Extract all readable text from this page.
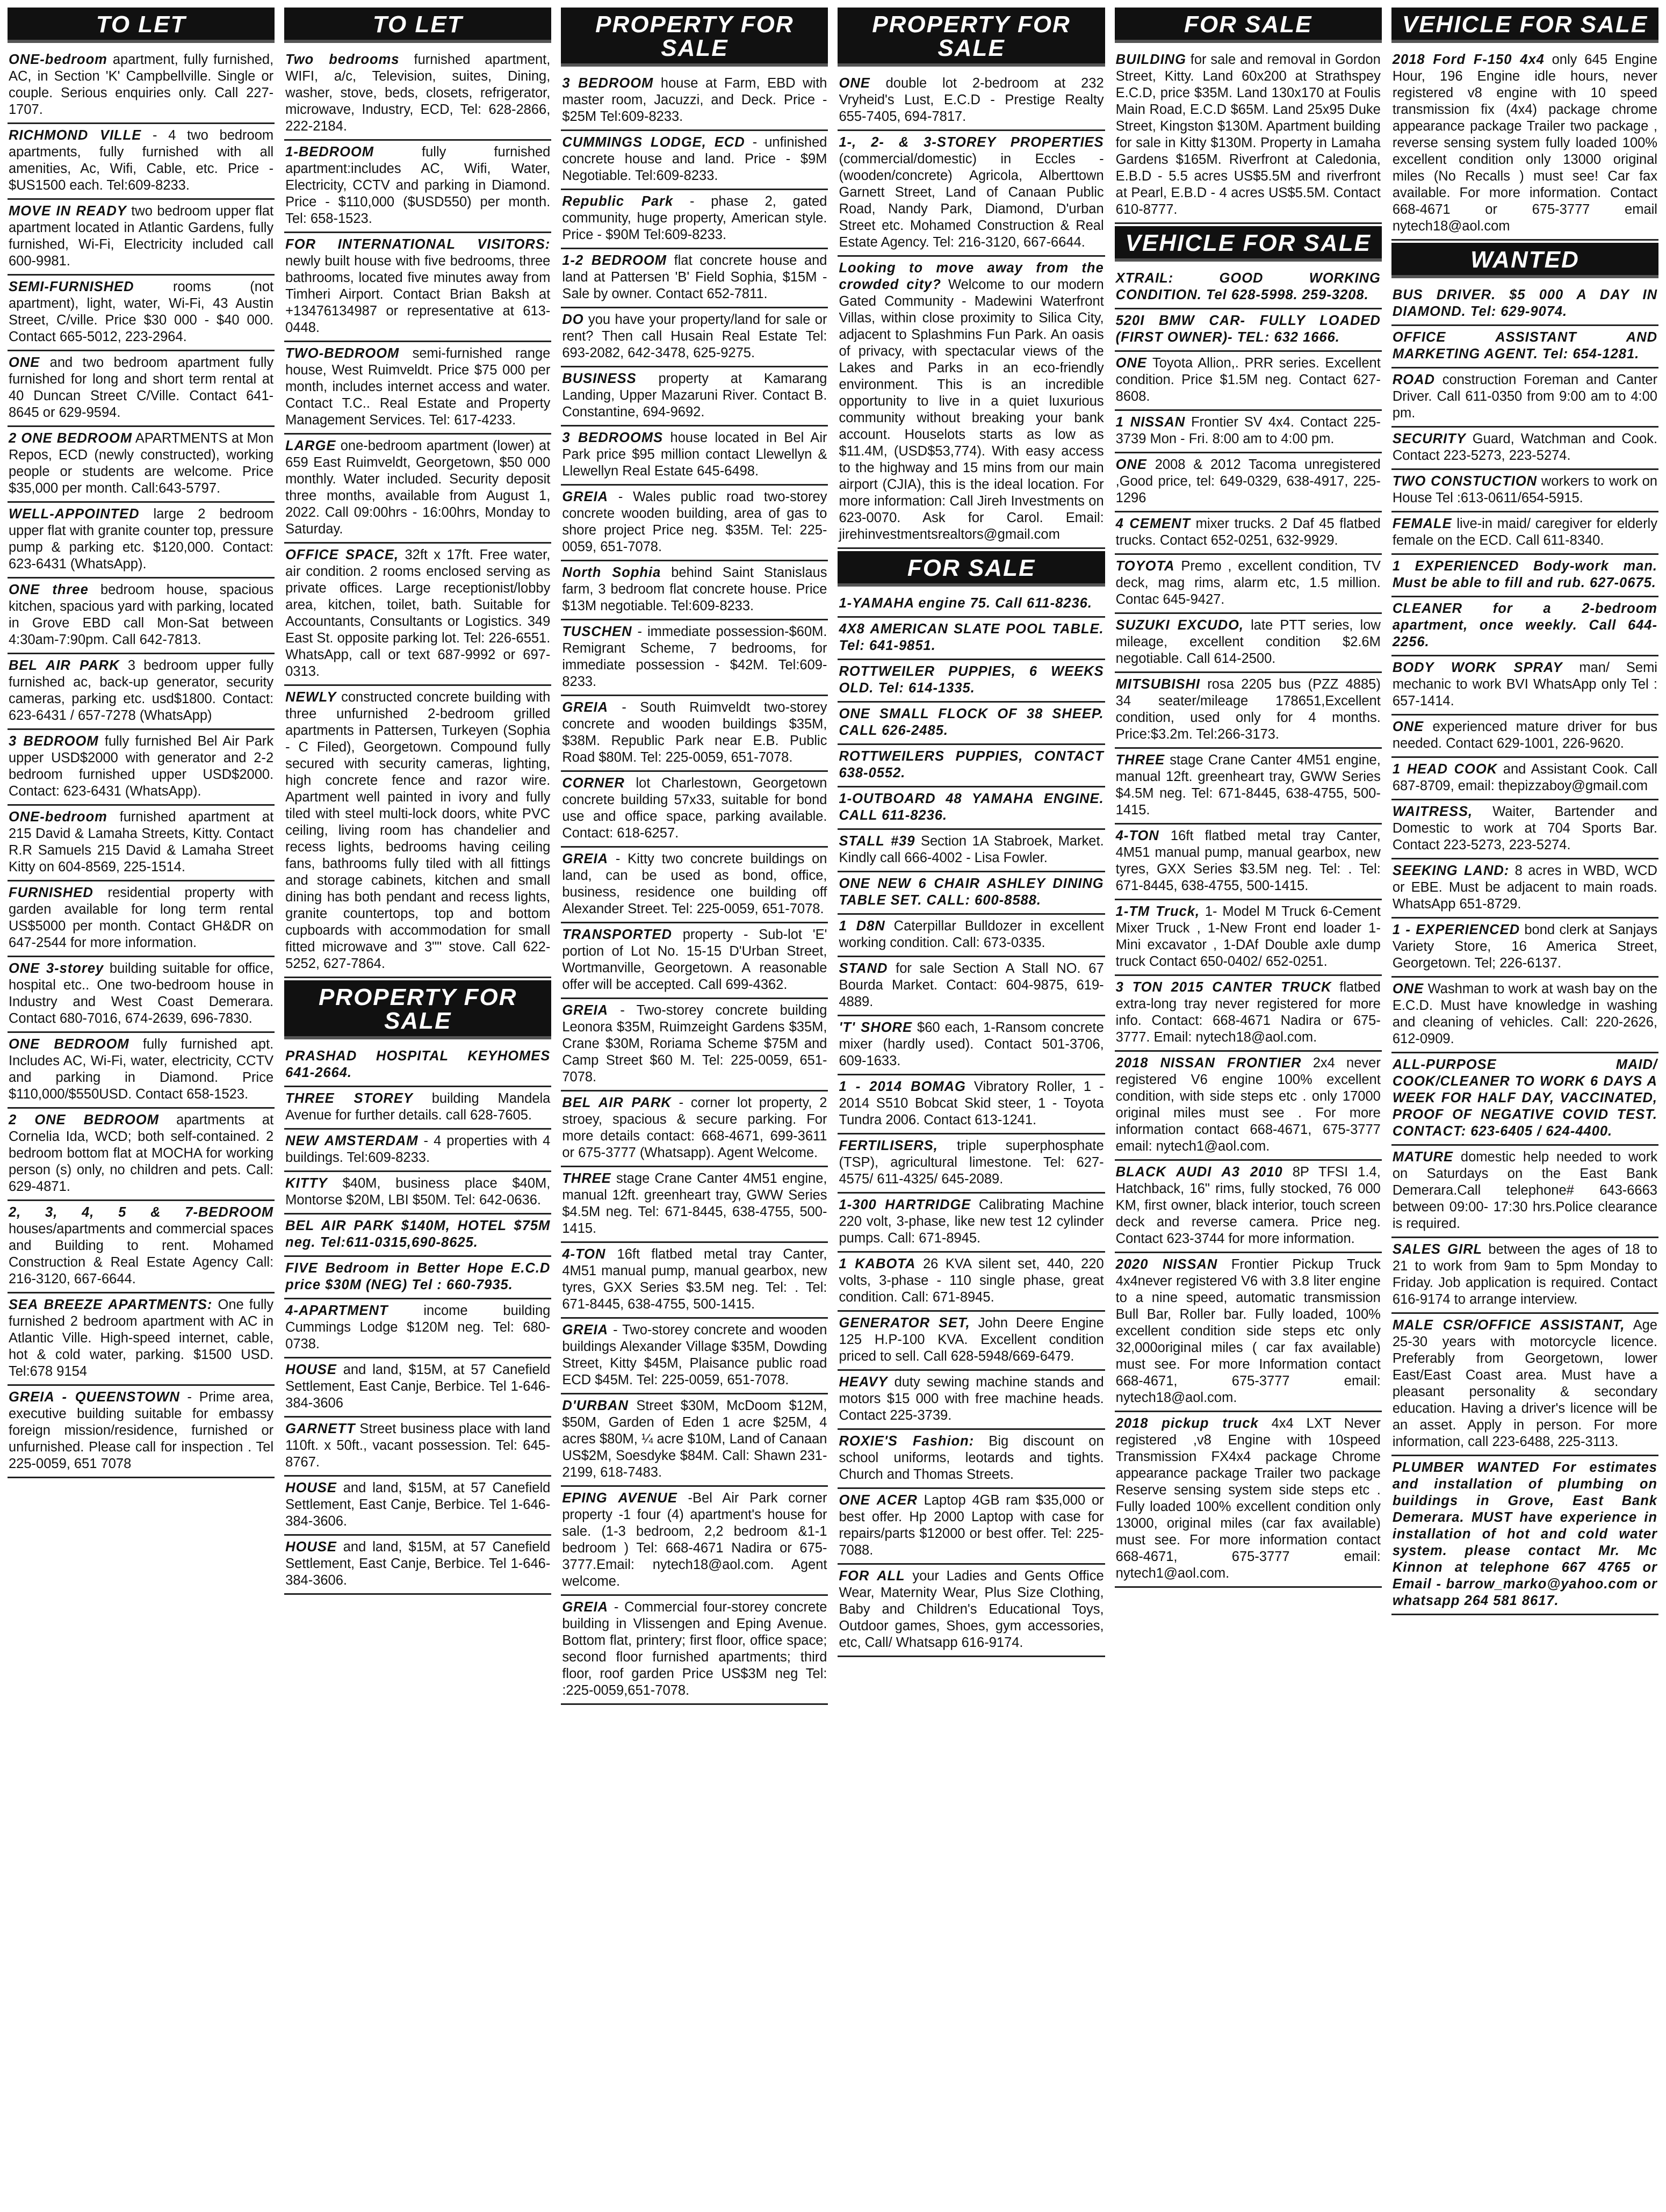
TO LET
ONE-bedroom apartment, fully furnished, AC, in Section 'K' Campbellville. Single or couple. Serious enquiries only. Call 227-1707.
RICHMOND VILLE - 4 two bedroom apartments, fully furnished with all amenities, Ac, Wifi, Cable, etc. Price - $US1500 each. Tel:609-8233.
MOVE IN READY two bedroom upper flat apartment located in Atlantic Gardens, fully furnished, Wi-Fi, Electricity included call 600-9981.
SEMI-FURNISHED rooms (not apartment), light, water, Wi-Fi, 43 Austin Street, C/ville. Price $30 000 - $40 000. Contact 665-5012, 223-2964.
ONE and two bedroom apartment fully furnished for long and short term rental at 40 Duncan Street C/Ville. Contact 641-8645 or 629-9594.
2 ONE BEDROOM APARTMENTS at Mon Repos, ECD (newly constructed), working people or students are welcome. Price $35,000 per month. Call:643-5797.
WELL-APPOINTED large 2 bedroom upper flat with granite counter top, pressure pump & parking etc. $120,000. Contact: 623-6431 (WhatsApp).
ONE three bedroom house, spacious kitchen, spacious yard with parking, located in Grove EBD call Mon-Sat between 4:30am-7:90pm. Call 642-7813.
BEL AIR PARK 3 bedroom upper fully furnished ac, back-up generator, security cameras, parking etc. usd$1800. Contact: 623-6431 / 657-7278 (WhatsApp)
3 BEDROOM fully furnished Bel Air Park upper USD$2000 with generator and 2-2 bedroom furnished upper USD$2000. Contact: 623-6431 (WhatsApp).
ONE-bedroom furnished apartment at 215 David & Lamaha Streets, Kitty. Contact R.R Samuels 215 David & Lamaha Street Kitty on 604-8569, 225-1514.
FURNISHED residential property with garden available for long term rental US$5000 per month. Contact GH&DR on 647-2544 for more information.
ONE 3-storey building suitable for office, hospital etc.. One two-bedroom house in Industry and West Coast Demerara. Contact 680-7016, 674-2639, 696-7830.
ONE BEDROOM fully furnished apt. Includes AC, Wi-Fi, water, electricity, CCTV and parking in Diamond. Price $110,000/$550USD. Contact 658-1523.
2 ONE BEDROOM apartments at Cornelia Ida, WCD; both self-contained. 2 bedroom bottom flat at MOCHA for working person (s) only, no children and pets. Call: 629-4871.
2, 3, 4, 5 & 7-BEDROOM houses/apartments and commercial spaces and Building to rent. Mohamed Construction & Real Estate Agency Call: 216-3120, 667-6644.
SEA BREEZE APARTMENTS: One fully furnished 2 bedroom apartment with AC in Atlantic Ville. High-speed internet, cable, hot & cold water, parking. $1500 USD. Tel:678 9154
GREIA - QUEENSTOWN - Prime area, executive building suitable for embassy foreign mission/residence, furnished or unfurnished. Please call for inspection . Tel 225-0059, 651 7078
TO LET
Two bedrooms furnished apartment, WIFI, a/c, Television, suites, Dining, washer, stove, beds, closets, refrigerator, microwave, Industry, ECD, Tel: 628-2866, 222-2184.
1-BEDROOM fully furnished apartment:includes AC, Wifi, Water, Electricity, CCTV and parking in Diamond. Price - $110,000 ($USD550) per month. Tel: 658-1523.
FOR INTERNATIONAL VISITORS: newly built house with five bedrooms, three bathrooms, located five minutes away from Timheri Airport. Contact Brian Baksh at +13476134987 or representative at 613-0448.
TWO-BEDROOM semi-furnished range house, West Ruimveldt. Price $75 000 per month, includes internet access and water. Contact T.C.. Real Estate and Property Management Services. Tel: 617-4233.
LARGE one-bedroom apartment (lower) at 659 East Ruimveldt, Georgetown, $50 000 monthly. Water included. Security deposit three months, available from August 1, 2022. Call 09:00hrs - 16:00hrs, Monday to Saturday.
OFFICE SPACE, 32ft x 17ft. Free water, air condition. 2 rooms enclosed serving as private offices. Large receptionist/lobby area, kitchen, toilet, bath. Suitable for Accountants, Consultants or Logistics. 349 East St. opposite parking lot. Tel: 226-6551. WhatsApp, call or text 687-9992 or 697-0313.
NEWLY constructed concrete building with three unfurnished 2-bedroom grilled apartments in Pattersen, Turkeyen (Sophia - C Filed), Georgetown. Compound fully secured with security cameras, lighting, high concrete fence and razor wire. Apartment well painted in ivory and fully tiled with steel multi-lock doors, white PVC ceiling, living room has chandelier and recess lights, bedrooms having ceiling fans, bathrooms fully tiled with all fittings and storage cabinets, kitchen and small dining has both pendant and recess lights, granite countertops, top and bottom cupboards with accommodation for small fitted microwave and 3"" stove. Call 622-5252, 627-7864.
PROPERTY FOR SALE
PRASHAD HOSPITAL KEYHOMES 641-2664.
THREE STOREY building Mandela Avenue for further details. call 628-7605.
NEW AMSTERDAM - 4 properties with 4 buildings. Tel:609-8233.
KITTY $40M, business place $40M, Montorse $20M, LBI $50M. Tel: 642-0636.
BEL AIR PARK $140M, HOTEL $75M neg. Tel:611-0315,690-8625.
FIVE Bedroom in Better Hope E.C.D price $30M (NEG) Tel : 660-7935.
4-APARTMENT income building Cummings Lodge $120M neg. Tel: 680-0738.
HOUSE and land, $15M, at 57 Canefield Settlement, East Canje, Berbice. Tel 1-646-384-3606
GARNETT Street business place with land 110ft. x 50ft., vacant possession. Tel: 645-8767.
HOUSE and land, $15M, at 57 Canefield Settlement, East Canje, Berbice. Tel 1-646-384-3606.
HOUSE and land, $15M, at 57 Canefield Settlement, East Canje, Berbice. Tel 1-646-384-3606.
PROPERTY FOR SALE
3 BEDROOM house at Farm, EBD with master room, Jacuzzi, and Deck. Price - $25M Tel:609-8233.
CUMMINGS LODGE, ECD - unfinished concrete house and land. Price - $9M Negotiable. Tel:609-8233.
Republic Park - phase 2, gated community, huge property, American style. Price - $90M Tel:609-8233.
1-2 BEDROOM flat concrete house and land at Pattersen 'B' Field Sophia, $15M - Sale by owner. Contact 652-7811.
DO you have your property/land for sale or rent? Then call Husain Real Estate Tel: 693-2082, 642-3478, 625-9275.
BUSINESS property at Kamarang Landing, Upper Mazaruni River. Contact B. Constantine, 694-9692.
3 BEDROOMS house located in Bel Air Park price $95 million contact Llewellyn & Llewellyn Real Estate 645-6498.
GREIA - Wales public road two-storey concrete wooden building, area of gas to shore project Price neg. $35M. Tel: 225-0059, 651-7078.
North Sophia behind Saint Stanislaus farm, 3 bedroom flat concrete house. Price $13M negotiable. Tel:609-8233.
TUSCHEN - immediate possession-$60M. Remigrant Scheme, 7 bedrooms, for immediate possession - $42M. Tel:609-8233.
GREIA - South Ruimveldt two-storey concrete and wooden buildings $35M, $38M. Republic Park near E.B. Public Road $80M. Tel: 225-0059, 651-7078.
CORNER lot Charlestown, Georgetown concrete building 57x33, suitable for bond use and office space, parking available. Contact: 618-6257.
GREIA - Kitty two concrete buildings on land, can be used as bond, office, business, residence one building off Alexander Street. Tel: 225-0059, 651-7078.
TRANSPORTED property - Sub-lot 'E' portion of Lot No. 15-15 D'Urban Street, Wortmanville, Georgetown. A reasonable offer will be accepted. Call 699-4362.
GREIA - Two-storey concrete building Leonora $35M, Ruimzeight Gardens $35M, Crane $30M, Roriama Scheme $75M and Camp Street $60 M. Tel: 225-0059, 651-7078.
BEL AIR PARK - corner lot property, 2 stroey, spacious & secure parking. For more details contact: 668-4671, 699-3611 or 675-3777 (Whatsapp). Agent Welcome.
THREE stage Crane Canter 4M51 engine, manual 12ft. greenheart tray, GWW Series $4.5M neg. Tel: 671-8445, 638-4755, 500-1415.
4-TON 16ft flatbed metal tray Canter, 4M51 manual pump, manual gearbox, new tyres, GXX Series $3.5M neg. Tel: . Tel: 671-8445, 638-4755, 500-1415.
GREIA - Two-storey concrete and wooden buildings Alexander Village $35M, Dowding Street, Kitty $45M, Plaisance public road ECD $45M. Tel: 225-0059, 651-7078.
D'URBAN Street $30M, McDoom $12M, $50M, Garden of Eden 1 acre $25M, 4 acres $80M, ¼ acre $10M, Land of Canaan US$2M, Soesdyke $84M. Call: Shawn 231-2199, 618-7483.
EPING AVENUE -Bel Air Park corner property -1 four (4) apartment's house for sale. (1-3 bedroom, 2,2 bedroom &1-1 bedroom ) Tel: 668-4671 Nadira or 675-3777.Email: nytech18@aol.com. Agent welcome.
GREIA - Commercial four-storey concrete building in Vlissengen and Eping Avenue. Bottom flat, printery; first floor, office space; second floor furnished apartments; third floor, roof garden Price US$3M neg Tel: :225-0059,651-7078.
PROPERTY FOR SALE
ONE double lot 2-bedroom at 232 Vryheid's Lust, E.C.D - Prestige Realty 655-7405, 694-7817.
1-, 2- & 3-STOREY PROPERTIES (commercial/domestic) in Eccles - (wooden/concrete) Agricola, Alberttown Garnett Street, Land of Canaan Public Road, Nandy Park, Diamond, D'urban Street etc. Mohamed Construction & Real Estate Agency. Tel: 216-3120, 667-6644.
Looking to move away from the crowded city? Welcome to our modern Gated Community - Madewini Waterfront Villas, within close proximity to Silica City, adjacent to Splashmins Fun Park. An oasis of privacy, with spectacular views of the Lakes and Parks in an eco-friendly environment. This is an incredible opportunity to live in a quiet luxurious community without breaking your bank account. Houselots starts as low as $11.4M, (USD$53,774). With easy access to the highway and 15 mins from our main airport (CJIA), this is the ideal location. For more information: Call Jireh Investments on 623-0070. Ask for Carol. Email: jirehinvestmentsrealtors@gmail.com
FOR SALE
1-YAMAHA engine 75. Call 611-8236.
4X8 AMERICAN SLATE POOL TABLE. Tel: 641-9851.
ROTTWEILER PUPPIES, 6 WEEKS OLD. Tel: 614-1335.
ONE SMALL FLOCK OF 38 SHEEP. CALL 626-2485.
ROTTWEILERS PUPPIES, CONTACT 638-0552.
1-OUTBOARD 48 YAMAHA ENGINE. CALL 611-8236.
STALL #39 Section 1A Stabroek, Market. Kindly call 666-4002 - Lisa Fowler.
ONE NEW 6 CHAIR ASHLEY DINING TABLE SET. CALL: 600-8588.
1 D8N Caterpillar Bulldozer in excellent working condition. Call: 673-0335.
STAND for sale Section A Stall NO. 67 Bourda Market. Contact: 604-9875, 619-4889.
'T' SHORE $60 each, 1-Ransom concrete mixer (hardly used). Contact 501-3706, 609-1633.
1 - 2014 BOMAG Vibratory Roller, 1 - 2014 S510 Bobcat Skid steer, 1 - Toyota Tundra 2006. Contact 613-1241.
FERTILISERS, triple superphosphate (TSP), agricultural limestone. Tel: 627-4575/ 611-4325/ 645-2089.
1-300 HARTRIDGE Calibrating Machine 220 volt, 3-phase, like new test 12 cylinder pumps. Call: 671-8945.
1 KABOTA 26 KVA silent set, 440, 220 volts, 3-phase - 110 single phase, great condition. Call: 671-8945.
GENERATOR SET, John Deere Engine 125 H.P-100 KVA. Excellent condition priced to sell. Call 628-5948/669-6479.
HEAVY duty sewing machine stands and motors $15 000 with free machine heads. Contact 225-3739.
ROXIE'S Fashion: Big discount on school uniforms, leotards and tights. Church and Thomas Streets.
ONE ACER Laptop 4GB ram $35,000 or best offer. Hp 2000 Laptop with case for repairs/parts $12000 or best offer. Tel: 225-7088.
FOR ALL your Ladies and Gents Office Wear, Maternity Wear, Plus Size Clothing, Baby and Children's Educational Toys, Outdoor games, Shoes, gym accessories, etc, Call/ Whatsapp 616-9174.
FOR SALE
BUILDING for sale and removal in Gordon Street, Kitty. Land 60x200 at Strathspey E.C.D, price $35M. Land 130x170 at Foulis Main Road, E.C.D $65M. Land 25x95 Duke Street, Kingston $130M. Apartment building for sale in Kitty $130M. Property in Lamaha Gardens $165M. Riverfront at Caledonia, E.B.D - 5.5 acres US$5.5M and riverfront at Pearl, E.B.D - 4 acres US$5.5M. Contact 610-8777.
VEHICLE FOR SALE
XTRAIL: GOOD WORKING CONDITION. Tel 628-5998. 259-3208.
520I BMW CAR- FULLY LOADED (FIRST OWNER)- TEL: 632 1666.
ONE Toyota Allion,. PRR series. Excellent condition. Price $1.5M neg. Contact 627-8608.
1 NISSAN Frontier SV 4x4. Contact 225-3739 Mon - Fri. 8:00 am to 4:00 pm.
ONE 2008 & 2012 Tacoma unregistered ,Good price, tel: 649-0329, 638-4917, 225-1296
4 CEMENT mixer trucks. 2 Daf 45 flatbed trucks. Contact 652-0251, 632-9929.
TOYOTA Premo , excellent condition, TV deck, mag rims, alarm etc, 1.5 million. Contac 645-9427.
SUZUKI EXCUDO, late PTT series, low mileage, excellent condition $2.6M negotiable. Call 614-2500.
MITSUBISHI rosa 2205 bus (PZZ 4885) 34 seater/mileage 178651,Excellent condition, used only for 4 months. Price:$3.2m. Tel:266-3173.
THREE stage Crane Canter 4M51 engine, manual 12ft. greenheart tray, GWW Series $4.5M neg. Tel: 671-8445, 638-4755, 500-1415.
4-TON 16ft flatbed metal tray Canter, 4M51 manual pump, manual gearbox, new tyres, GXX Series $3.5M neg. Tel: . Tel: 671-8445, 638-4755, 500-1415.
1-TM Truck, 1- Model M Truck 6-Cement Mixer Truck , 1-New Front end loader 1-Mini excavator , 1-DAf Double axle dump truck Contact 650-0402/ 652-0251.
3 TON 2015 CANTER TRUCK flatbed extra-long tray never registered for more info. Contact: 668-4671 Nadira or 675-3777. Email: nytech18@aol.com.
2018 NISSAN FRONTIER 2x4 never registered V6 engine 100% excellent condition, with side steps etc . only 17000 original miles must see . For more information contact 668-4671, 675-3777 email: nytech1@aol.com.
BLACK AUDI A3 2010 8P TFSI 1.4, Hatchback, 16" rims, fully stocked, 76 000 KM, first owner, black interior, touch screen deck and reverse camera. Price neg. Contact 623-3744 for more information.
2020 NISSAN Frontier Pickup Truck 4x4never registered V6 with 3.8 liter engine to a nine speed, automatic transmission Bull Bar, Roller bar. Fully loaded, 100% excellent condition side steps etc only 32,000original miles ( car fax available) must see. For more Information contact 668-4671, 675-3777 email: nytech18@aol.com.
2018 pickup truck 4x4 LXT Never registered ,v8 Engine with 10speed Transmission FX4x4 package Chrome appearance package Trailer two package Reserve sensing system side steps etc . Fully loaded 100% excellent condition only 13000, original miles (car fax available) must see. For more information contact 668-4671, 675-3777 email: nytech1@aol.com.
VEHICLE FOR SALE
2018 Ford F-150 4x4 only 645 Engine Hour, 196 Engine idle hours, never registered v8 engine with 10 speed transmission fix (4x4) package chrome appearance package Trailer two package , reverse sensing system fully loaded 100% excellent condition only 13000 original miles (No Recalls ) must see! Car fax available. For more information. Contact 668-4671 or 675-3777 email nytech18@aol.com
WANTED
BUS DRIVER. $5 000 A DAY IN DIAMOND. Tel: 629-9074.
OFFICE ASSISTANT AND MARKETING AGENT. Tel: 654-1281.
ROAD construction Foreman and Canter Driver. Call 611-0350 from 9:00 am to 4:00 pm.
SECURITY Guard, Watchman and Cook. Contact 223-5273, 223-5274.
TWO CONSTUCTION workers to work on House Tel :613-0611/654-5915.
FEMALE live-in maid/ caregiver for elderly female on the ECD. Call 611-8340.
1 EXPERIENCED Body-work man. Must be able to fill and rub. 627-0675.
CLEANER for a 2-bedroom apartment, once weekly. Call 644-2256.
BODY WORK SPRAY man/ Semi mechanic to work BVI WhatsApp only Tel : 657-1414.
ONE experienced mature driver for bus needed. Contact 629-1001, 226-9620.
1 HEAD COOK and Assistant Cook. Call 687-8709, email: thepizzaboy@gmail.com
WAITRESS, Waiter, Bartender and Domestic to work at 704 Sports Bar. Contact 223-5273, 223-5274.
SEEKING LAND: 8 acres in WBD, WCD or EBE. Must be adjacent to main roads. WhatsApp 651-8729.
1 - EXPERIENCED bond clerk at Sanjays Variety Store, 16 America Street, Georgetown. Tel; 226-6137.
ONE Washman to work at wash bay on the E.C.D. Must have knowledge in washing and cleaning of vehicles. Call: 220-2626, 612-0909.
ALL-PURPOSE MAID/ COOK/CLEANER TO WORK 6 DAYS A WEEK FOR HALF DAY, VACCINATED, PROOF OF NEGATIVE COVID TEST. CONTACT: 623-6405 / 624-4400.
MATURE domestic help needed to work on Saturdays on the East Bank Demerara.Call telephone# 643-6663 between 09:00- 17:30 hrs.Police clearance is required.
SALES GIRL between the ages of 18 to 21 to work from 9am to 5pm Monday to Friday. Job application is required. Contact 616-9174 to arrange interview.
MALE CSR/OFFICE ASSISTANT, Age 25-30 years with motorcycle licence. Preferably from Georgetown, lower East/East Coast area. Must have a pleasant personality & secondary education. Having a driver's licence will be an asset. Apply in person. For more information, call 223-6488, 225-3113.
PLUMBER WANTED For estimates and installation of plumbing on buildings in Grove, East Bank Demerara. MUST have experience in installation of hot and cold water system. please contact Mr. Mc Kinnon at telephone 667 4765 or Email - barrow_marko@yahoo.com or whatsapp 264 581 8617.
